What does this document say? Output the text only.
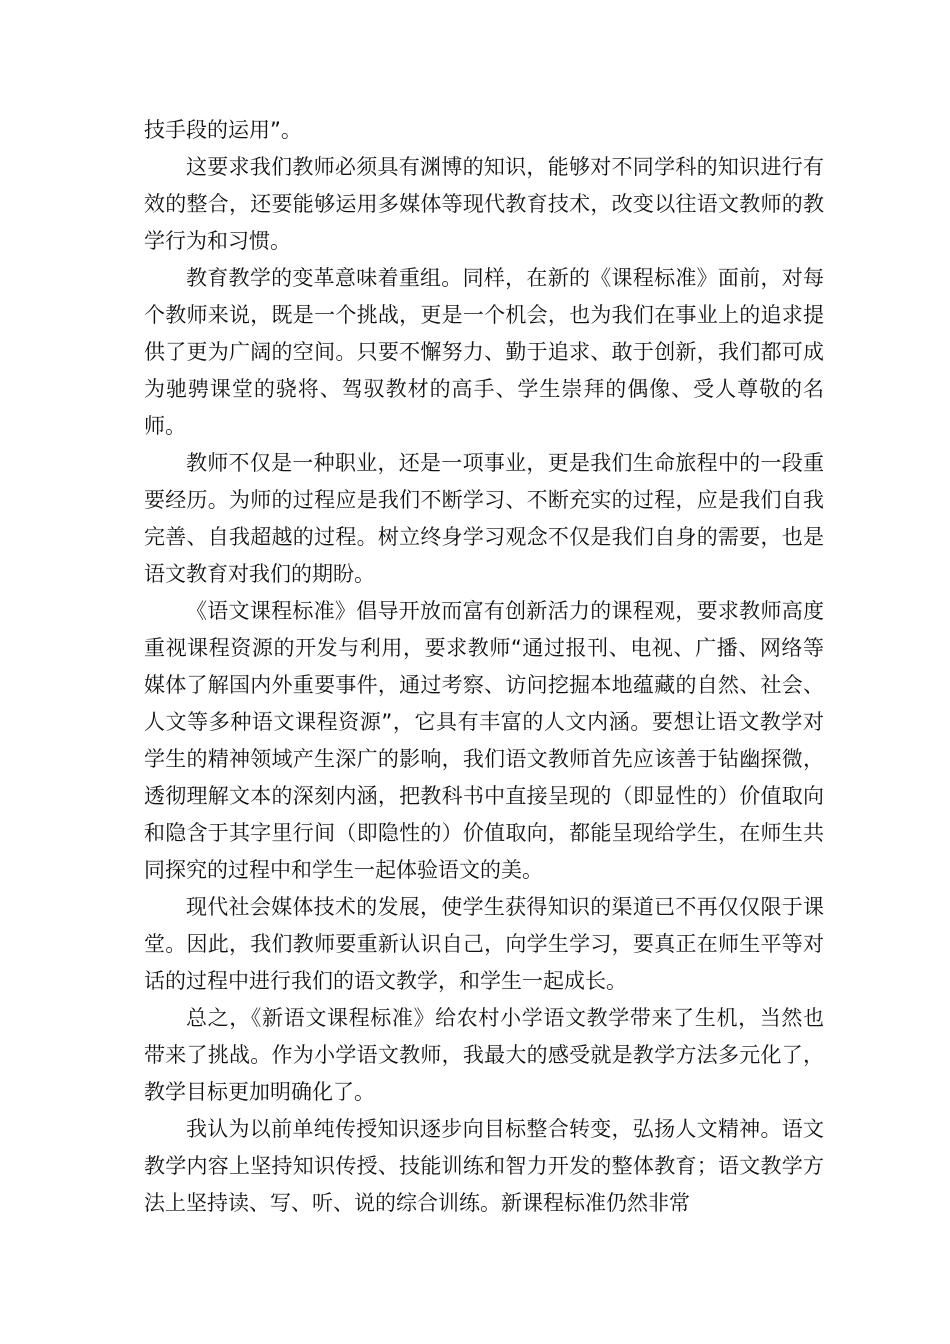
技手段的运用”。

这要求我们教师必须具有渊博的知识，能够对不同学科的知识进行有效的整合，还要能够运用多媒体等现代教育技术，改变以往语文教师的教学行为和习惯。

教育教学的变革意味着重组。同样，在新的《课程标准》面前，对每个教师来说，既是一个挑战，更是一个机会，也为我们在事业上的追求提供了更为广阔的空间。只要不懈努力、勤于追求、敢于创新，我们都可成为驰骋课堂的骁将、驾驭教材的高手、学生崇拜的偶像、受人尊敬的名师。

教师不仅是一种职业，还是一项事业，更是我们生命旅程中的一段重要经历。为师的过程应是我们不断学习、不断充实的过程，应是我们自我完善、自我超越的过程。树立终身学习观念不仅是我们自身的需要，也是语文教育对我们的期盼。

《语文课程标准》倡导开放而富有创新活力的课程观，要求教师高度重视课程资源的开发与利用，要求教师“通过报刊、电视、广播、网络等媒体了解国内外重要事件，通过考察、访问挖掘本地蕴藏的自然、社会、人文等多种语文课程资源”，它具有丰富的人文内涵。要想让语文教学对学生的精神领域产生深广的影响，我们语文教师首先应该善于钻幽探微，透彻理解文本的深刻内涵，把教科书中直接呈现的（即显性的）价值取向和隐含于其字里行间（即隐性的）价值取向，都能呈现给学生，在师生共同探究的过程中和学生一起体验语文的美。

现代社会媒体技术的发展，使学生获得知识的渠道已不再仅仅限于课堂。因此，我们教师要重新认识自己，向学生学习，要真正在师生平等对话的过程中进行我们的语文教学，和学生一起成长。

总之，《新语文课程标准》给农村小学语文教学带来了生机，当然也带来了挑战。作为小学语文教师，我最大的感受就是教学方法多元化了，教学目标更加明确化了。

我认为以前单纯传授知识逐步向目标整合转变，弘扬人文精神。语文教学内容上坚持知识传授、技能训练和智力开发的整体教育；语文教学方法上坚持读、写、听、说的综合训练。新课程标准仍然非常
